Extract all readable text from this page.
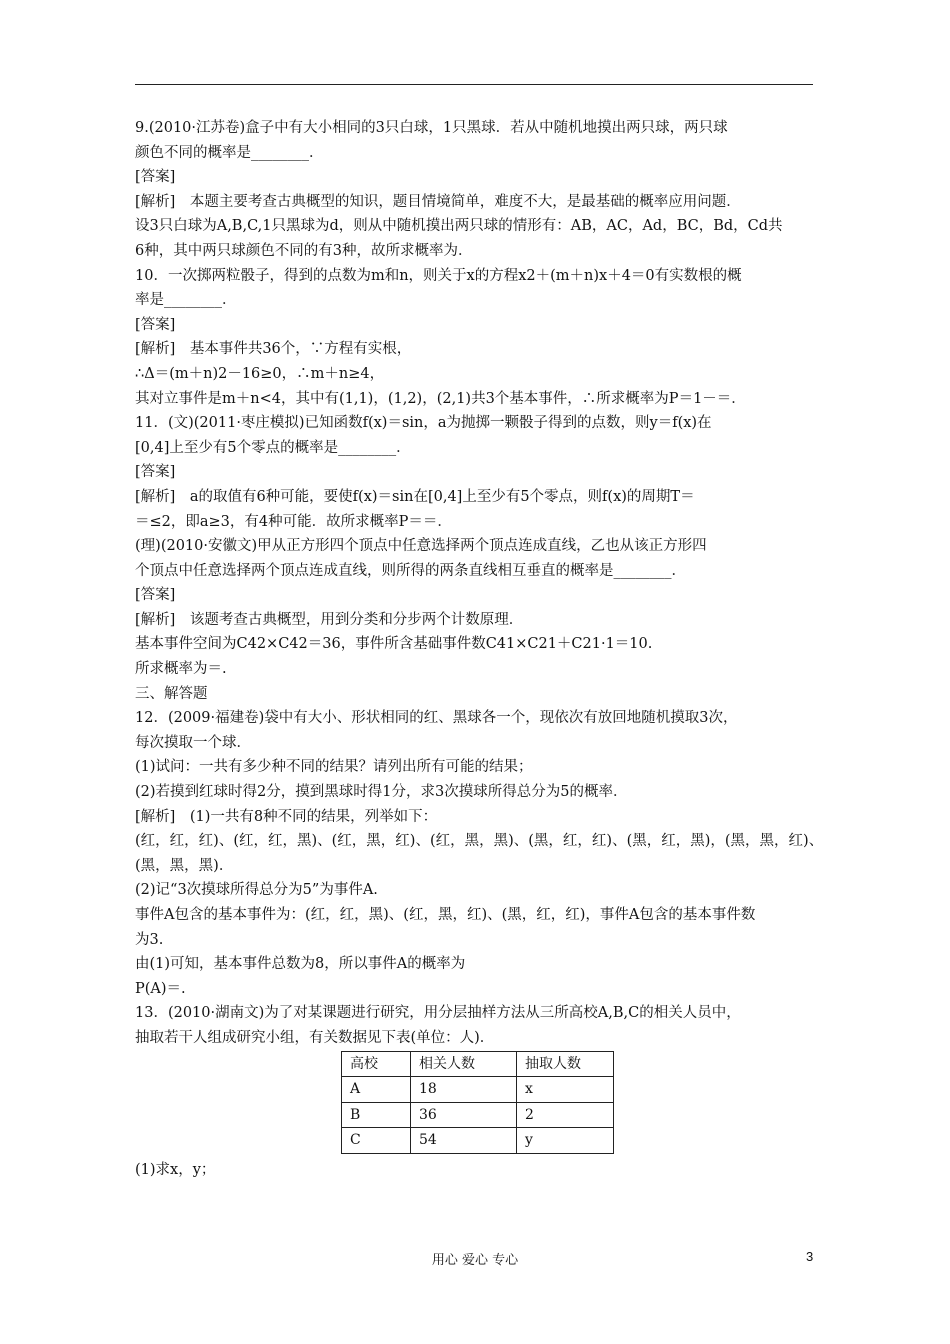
9.(2010·江苏卷)盒子中有大小相同的3只白球，1只黑球．若从中随机地摸出两只球，两只球
颜色不同的概率是________．
[答案]
[解析]　本题主要考查古典概型的知识，题目情境简单，难度不大，是最基础的概率应用问题．
设3只白球为A,B,C,1只黑球为d，则从中随机摸出两只球的情形有：AB，AC，Ad，BC，Bd，Cd共
6种，其中两只球颜色不同的有3种，故所求概率为．
10．一次掷两粒骰子，得到的点数为m和n，则关于x的方程x2＋(m＋n)x＋4＝0有实数根的概
率是________．
[答案]
[解析]　基本事件共36个，∵方程有实根，
∴Δ＝(m＋n)2－16≥0，∴m＋n≥4，
其对立事件是m＋n<4，其中有(1,1)，(1,2)，(2,1)共3个基本事件，∴所求概率为P＝1－＝．
11．(文)(2011·枣庄模拟)已知函数f(x)＝sin，a为抛掷一颗骰子得到的点数，则y＝f(x)在
[0,4]上至少有5个零点的概率是________．
[答案]
[解析]　a的取值有6种可能，要使f(x)＝sin在[0,4]上至少有5个零点，则f(x)的周期T＝
＝≤2，即a≥3，有4种可能．故所求概率P＝＝．
(理)(2010·安徽文)甲从正方形四个顶点中任意选择两个顶点连成直线，乙也从该正方形四
个顶点中任意选择两个顶点连成直线，则所得的两条直线相互垂直的概率是________．
[答案]
[解析]　该题考查古典概型，用到分类和分步两个计数原理．
基本事件空间为C42×C42＝36，事件所含基础事件数C41×C21＋C21·1＝10.
所求概率为＝.
三、解答题
12．(2009·福建卷)袋中有大小、形状相同的红、黑球各一个，现依次有放回地随机摸取3次，
每次摸取一个球．
(1)试问：一共有多少种不同的结果？请列出所有可能的结果；
(2)若摸到红球时得2分，摸到黑球时得1分，求3次摸球所得总分为5的概率．
[解析]　(1)一共有8种不同的结果，列举如下：
(红，红，红)、(红，红，黑)、(红，黑，红)、(红，黑，黑)、(黑，红，红)、(黑，红，黑)，(黑，黑，红)、
(黑，黑，黑)．
(2)记“3次摸球所得总分为5”为事件A.
事件A包含的基本事件为：(红，红，黑)、(红，黑，红)、(黑，红，红)，事件A包含的基本事件数
为3.
由(1)可知，基本事件总数为8，所以事件A的概率为
P(A)＝.
13．(2010·湖南文)为了对某课题进行研究，用分层抽样方法从三所高校A,B,C的相关人员中，
抽取若干人组成研究小组，有关数据见下表(单位：人)．
高校	相关人数	抽取人数
A	18	x
B	36	2
C	54	y
(1)求x，y；
用心 爱心 专心	3
